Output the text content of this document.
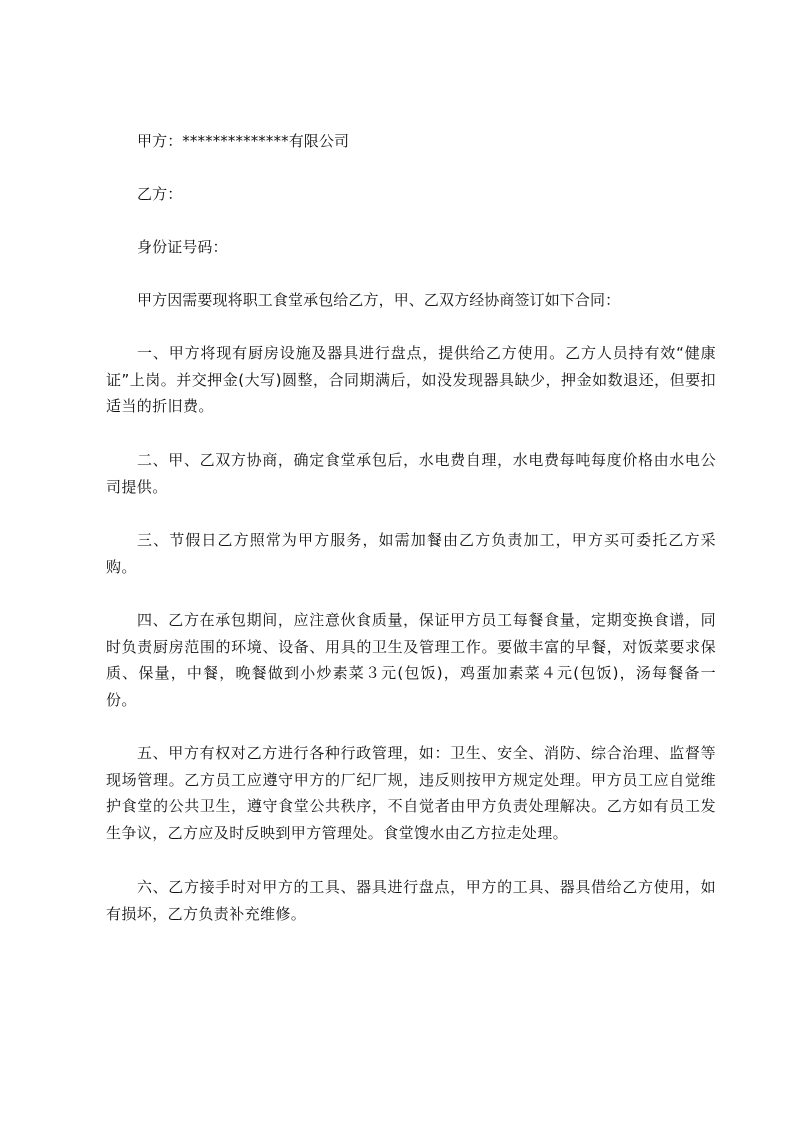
甲方：**************有限公司
乙方：
身份证号码：
甲方因需要现将职工食堂承包给乙方，甲、乙双方经协商签订如下合同：
一、甲方将现有厨房设施及器具进行盘点，提供给乙方使用。乙方人员持有效“健康证”上岗。并交押金(大写)圆整，合同期满后，如没发现器具缺少，押金如数退还，但要扣适当的折旧费。
二、甲、乙双方协商，确定食堂承包后，水电费自理，水电费每吨每度价格由水电公司提供。
三、节假日乙方照常为甲方服务，如需加餐由乙方负责加工，甲方买可委托乙方采购。
四、乙方在承包期间，应注意伙食质量，保证甲方员工每餐食量，定期变换食谱，同时负责厨房范围的环境、设备、用具的卫生及管理工作。要做丰富的早餐，对饭菜要求保质、保量，中餐，晚餐做到小炒素菜３元(包饭)，鸡蛋加素菜４元(包饭)，汤每餐备一份。
五、甲方有权对乙方进行各种行政管理，如：卫生、安全、消防、综合治理、监督等现场管理。乙方员工应遵守甲方的厂纪厂规，违反则按甲方规定处理。甲方员工应自觉维护食堂的公共卫生，遵守食堂公共秩序，不自觉者由甲方负责处理解决。乙方如有员工发生争议，乙方应及时反映到甲方管理处。食堂馊水由乙方拉走处理。
六、乙方接手时对甲方的工具、器具进行盘点，甲方的工具、器具借给乙方使用，如有损坏，乙方负责补充维修。
